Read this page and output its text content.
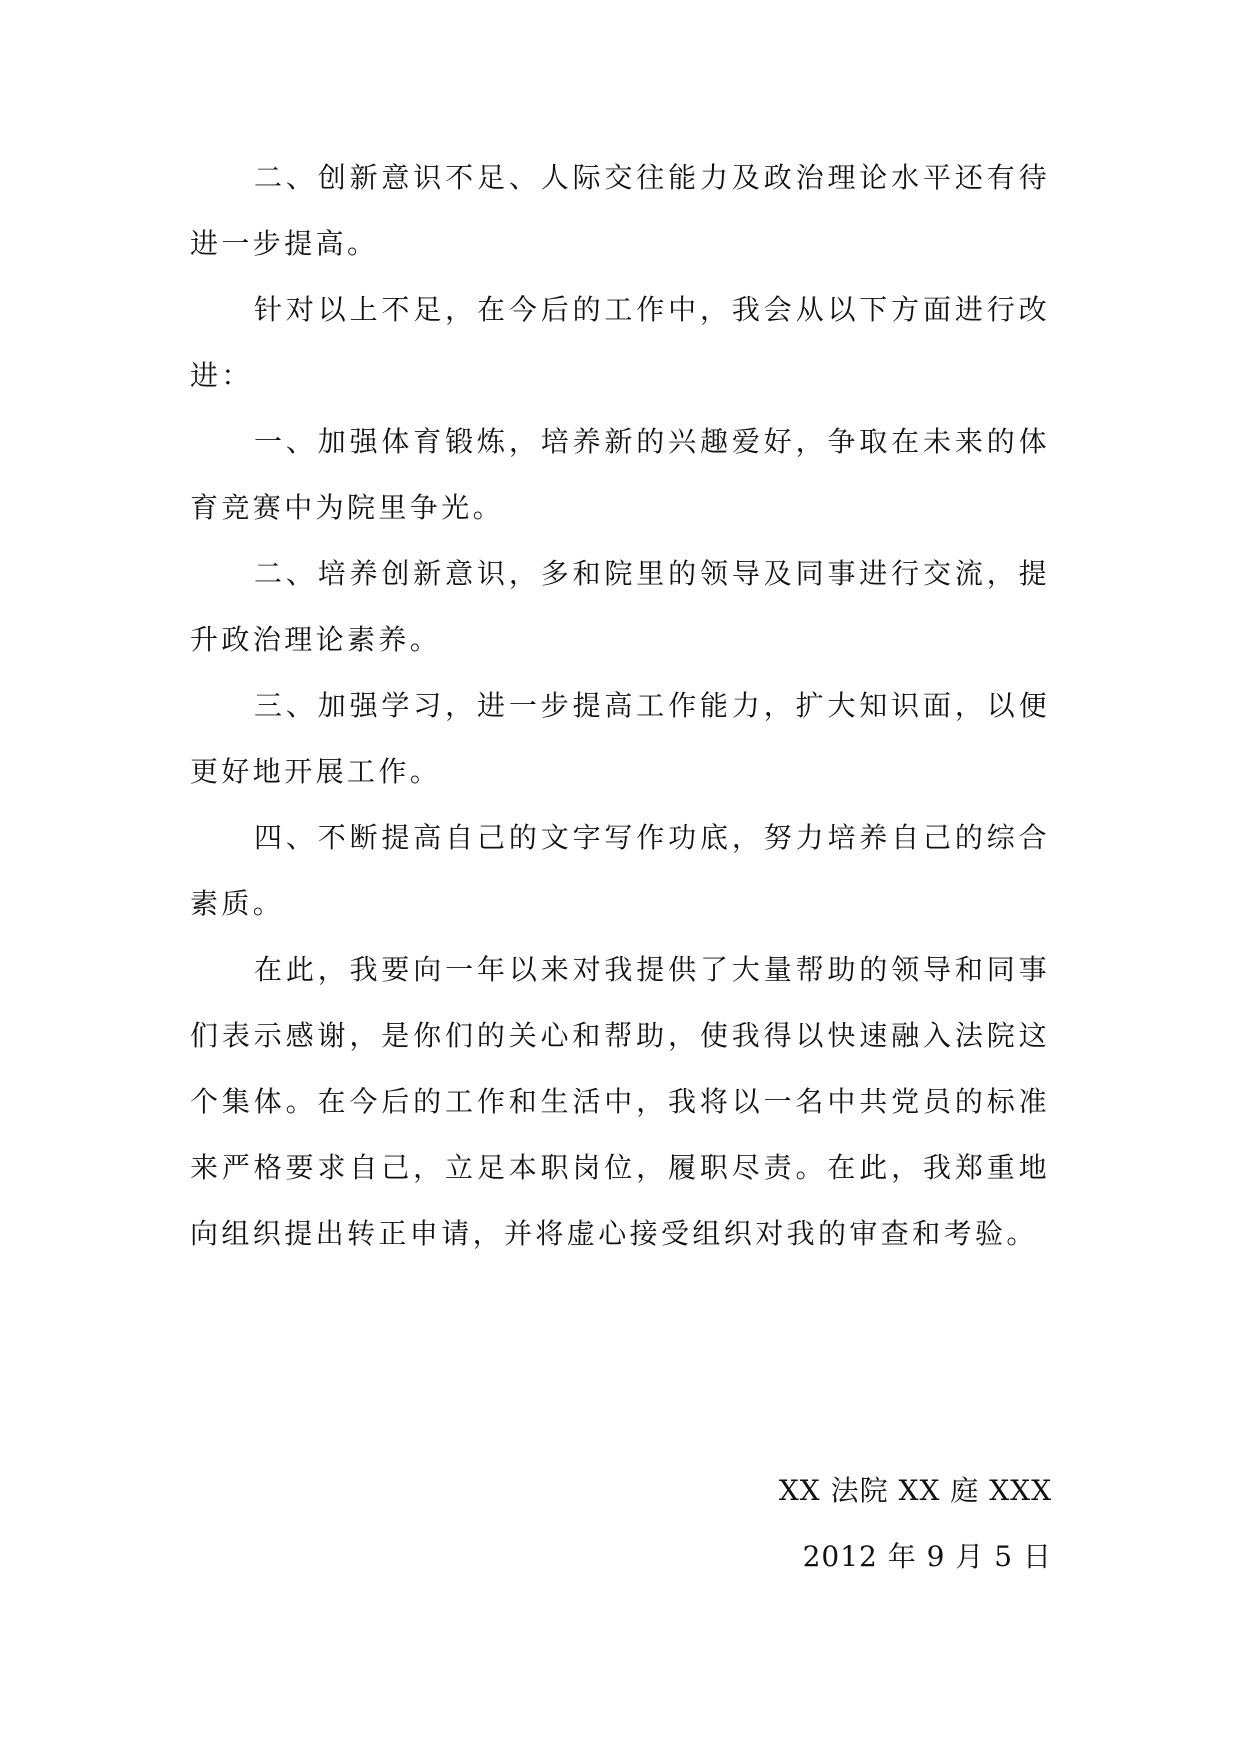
二、创新意识不足、人际交往能力及政治理论水平还有待进一步提高。

针对以上不足，在今后的工作中，我会从以下方面进行改进：

一、加强体育锻炼，培养新的兴趣爱好，争取在未来的体育竞赛中为院里争光。

二、培养创新意识，多和院里的领导及同事进行交流，提升政治理论素养。

三、加强学习，进一步提高工作能力，扩大知识面，以便更好地开展工作。

四、不断提高自己的文字写作功底，努力培养自己的综合素质。

在此，我要向一年以来对我提供了大量帮助的领导和同事们表示感谢，是你们的关心和帮助，使我得以快速融入法院这个集体。在今后的工作和生活中，我将以一名中共党员的标准来严格要求自己，立足本职岗位，履职尽责。在此，我郑重地向组织提出转正申请，并将虚心接受组织对我的审查和考验。

XX 法院 XX 庭 XXX
2012 年 9 月 5 日
